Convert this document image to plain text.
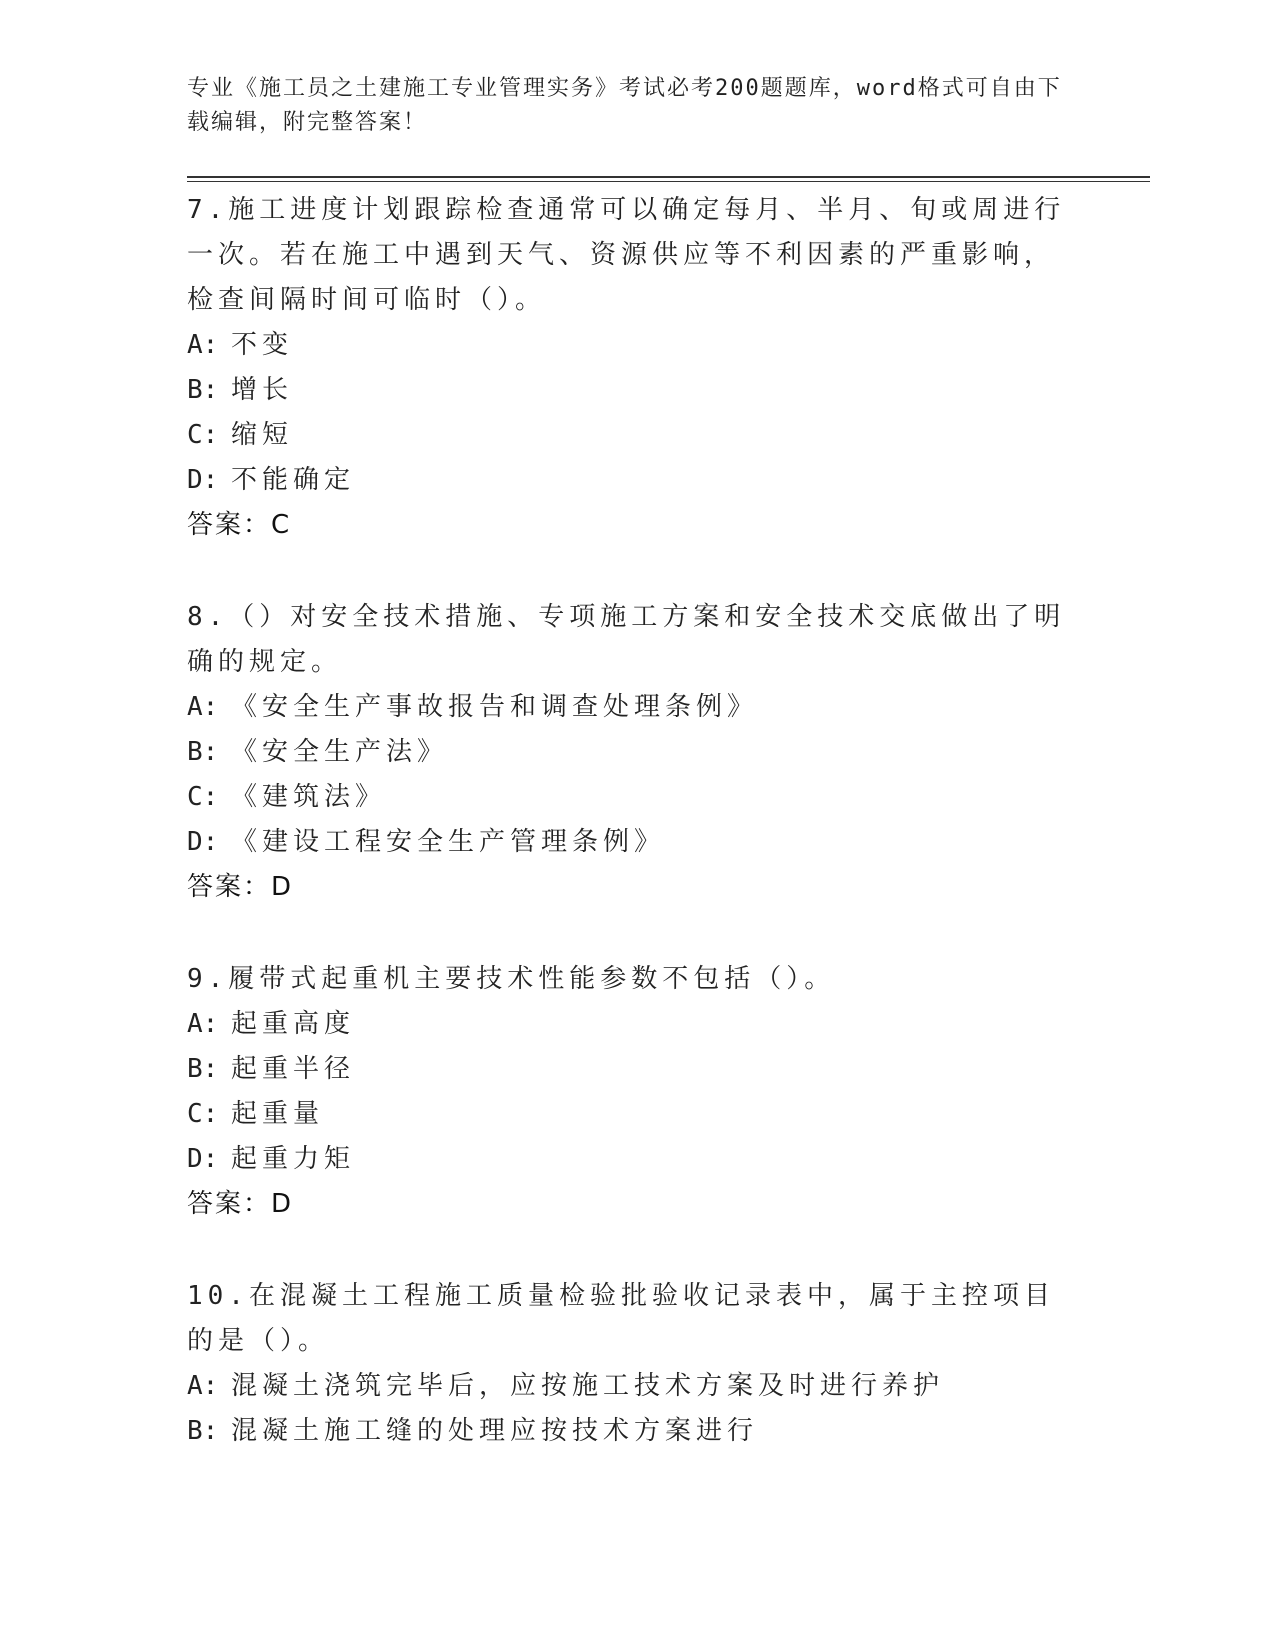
专业《施工员之土建施工专业管理实务》考试必考200题题库，word格式可自由下载编辑，附完整答案！
7.施工进度计划跟踪检查通常可以确定每月、半月、旬或周进行一次。若在施工中遇到天气、资源供应等不利因素的严重影响，检查间隔时间可临时（）。
A: 不变
B: 增长
C: 缩短
D: 不能确定
答案：C
8.（）对安全技术措施、专项施工方案和安全技术交底做出了明确的规定。
A: 《安全生产事故报告和调查处理条例》
B: 《安全生产法》
C: 《建筑法》
D: 《建设工程安全生产管理条例》
答案：D
9.履带式起重机主要技术性能参数不包括（）。
A: 起重高度
B: 起重半径
C: 起重量
D: 起重力矩
答案：D
10.在混凝土工程施工质量检验批验收记录表中，属于主控项目的是（）。
A: 混凝土浇筑完毕后，应按施工技术方案及时进行养护
B: 混凝土施工缝的处理应按技术方案进行
